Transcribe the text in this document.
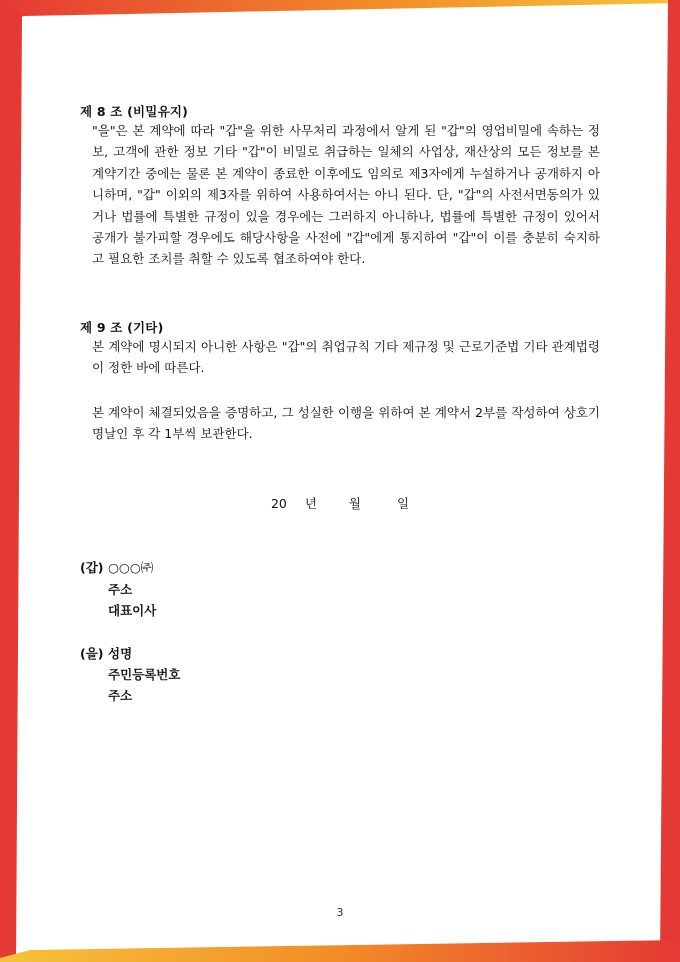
제 8 조 (비밀유지)
"을"은 본 계약에 따라 "갑"을 위한 사무처리 과정에서 알게 된 "갑"의 영업비밀에 속하는 정보, 고객에 관한 정보 기타 "갑"이 비밀로 취급하는 일체의 사업상, 재산상의 모든 정보를 본 계약기간 중에는 물론 본 계약이 종료한 이후에도 임의로 제3자에게 누설하거나 공개하지 아니하며, "갑" 이외의 제3자를 위하여 사용하여서는 아니 된다. 단, "갑"의 사전서면동의가 있거나 법률에 특별한 규정이 있을 경우에는 그러하지 아니하나, 법률에 특별한 규정이 있어서 공개가 불가피할 경우에도 해당사항을 사전에 "갑"에게 통지하여 "갑"이 이를 충분히 숙지하고 필요한 조치를 취할 수 있도록 협조하여야 한다.
제 9 조 (기타)
본 계약에 명시되지 아니한 사항은 "갑"의 취업규칙 기타 제규정 및 근로기준법 기타 관계법령이 정한 바에 따른다.
본 계약이 체결되었음을 증명하고, 그 성실한 이행을 위하여 본 계약서 2부를 작성하여 상호기명날인 후 각 1부씩 보관한다.
20 년	월	일
(갑) ○○○㈜
주소
대표이사
(을) 성명
주민등록번호
주소
3
